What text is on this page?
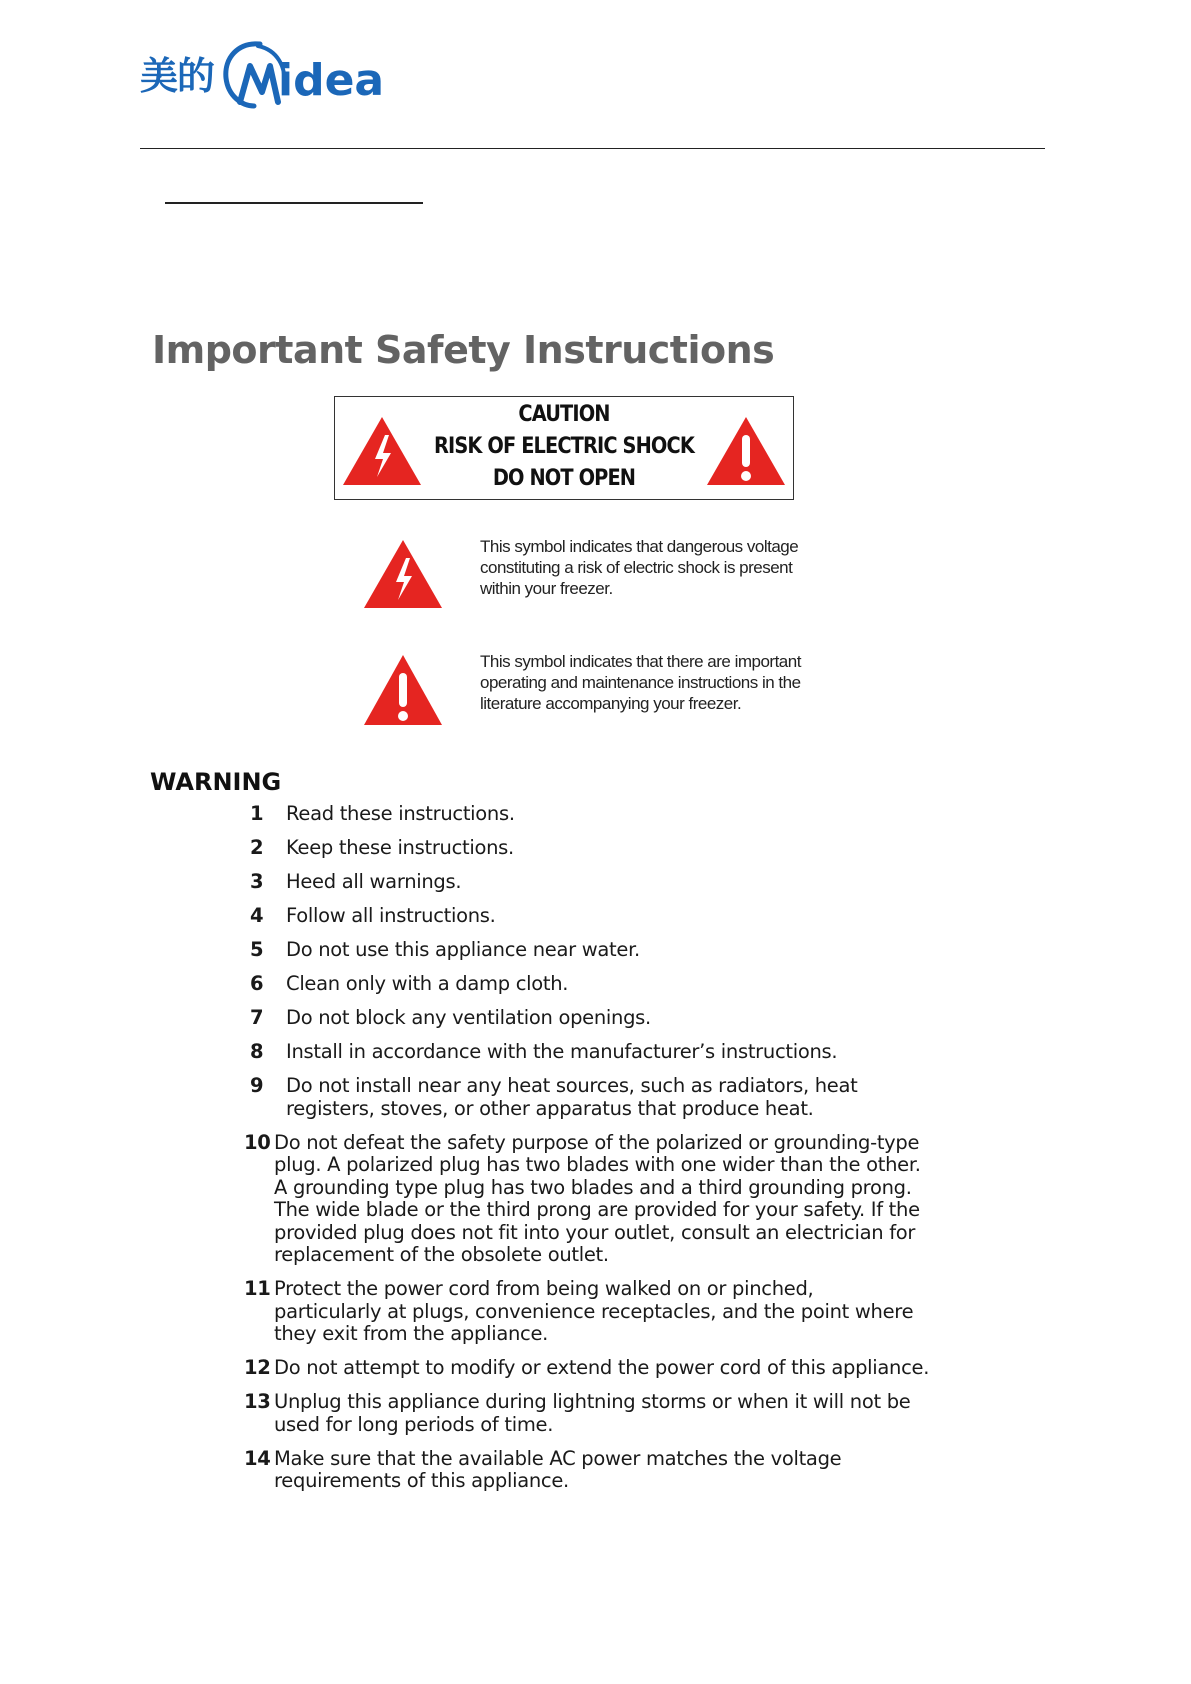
美的 idea
Important Safety Instructions
CAUTION
RISK OF ELECTRIC SHOCK
DO NOT OPEN

This symbol indicates that dangerous voltage constituting a risk of electric shock is present within your freezer.

This symbol indicates that there are important operating and maintenance instructions in the literature accompanying your freezer.

WARNING
1	Read these instructions.
2	Keep these instructions.
3	Heed all warnings.
4	Follow all instructions.
5	Do not use this appliance near water.
6	Clean only with a damp cloth.
7	Do not block any ventilation openings.
8	Install in accordance with the manufacturer’s instructions.
9	Do not install near any heat sources, such as radiators, heat registers, stoves, or other apparatus that produce heat.
10 Do not defeat the safety purpose of the polarized or grounding-type plug. A polarized plug has two blades with one wider than the other. A grounding type plug has two blades and a third grounding prong. The wide blade or the third prong are provided for your safety. If the provided plug does not fit into your outlet, consult an electrician for replacement of the obsolete outlet.
11 Protect the power cord from being walked on or pinched, particularly at plugs, convenience receptacles, and the point where they exit from the appliance.
12 Do not attempt to modify or extend the power cord of this appliance.
13 Unplug this appliance during lightning storms or when it will not be used for long periods of time.
14 Make sure that the available AC power matches the voltage requirements of this appliance.
